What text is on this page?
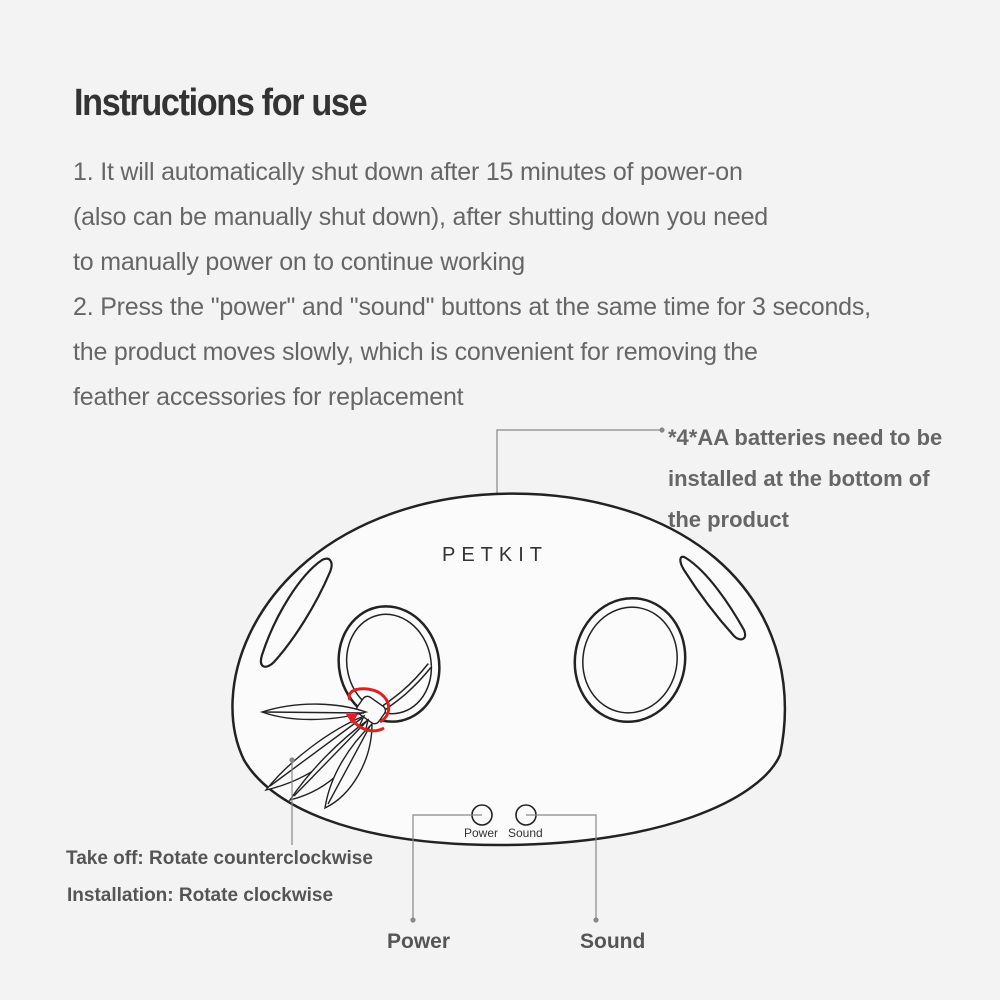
Instructions for use
1. It will automatically shut down after 15 minutes of power-on
(also can be manually shut down), after shutting down you need
to manually power on to continue working
2. Press the "power" and "sound" buttons at the same time for 3 seconds,
the product moves slowly, which is convenient for removing the
feather accessories for replacement
*4*AA batteries need to be
installed at the bottom of
the product
PETKIT
Power Sound
Take off: Rotate counterclockwise
Installation: Rotate clockwise
Power	Sound
